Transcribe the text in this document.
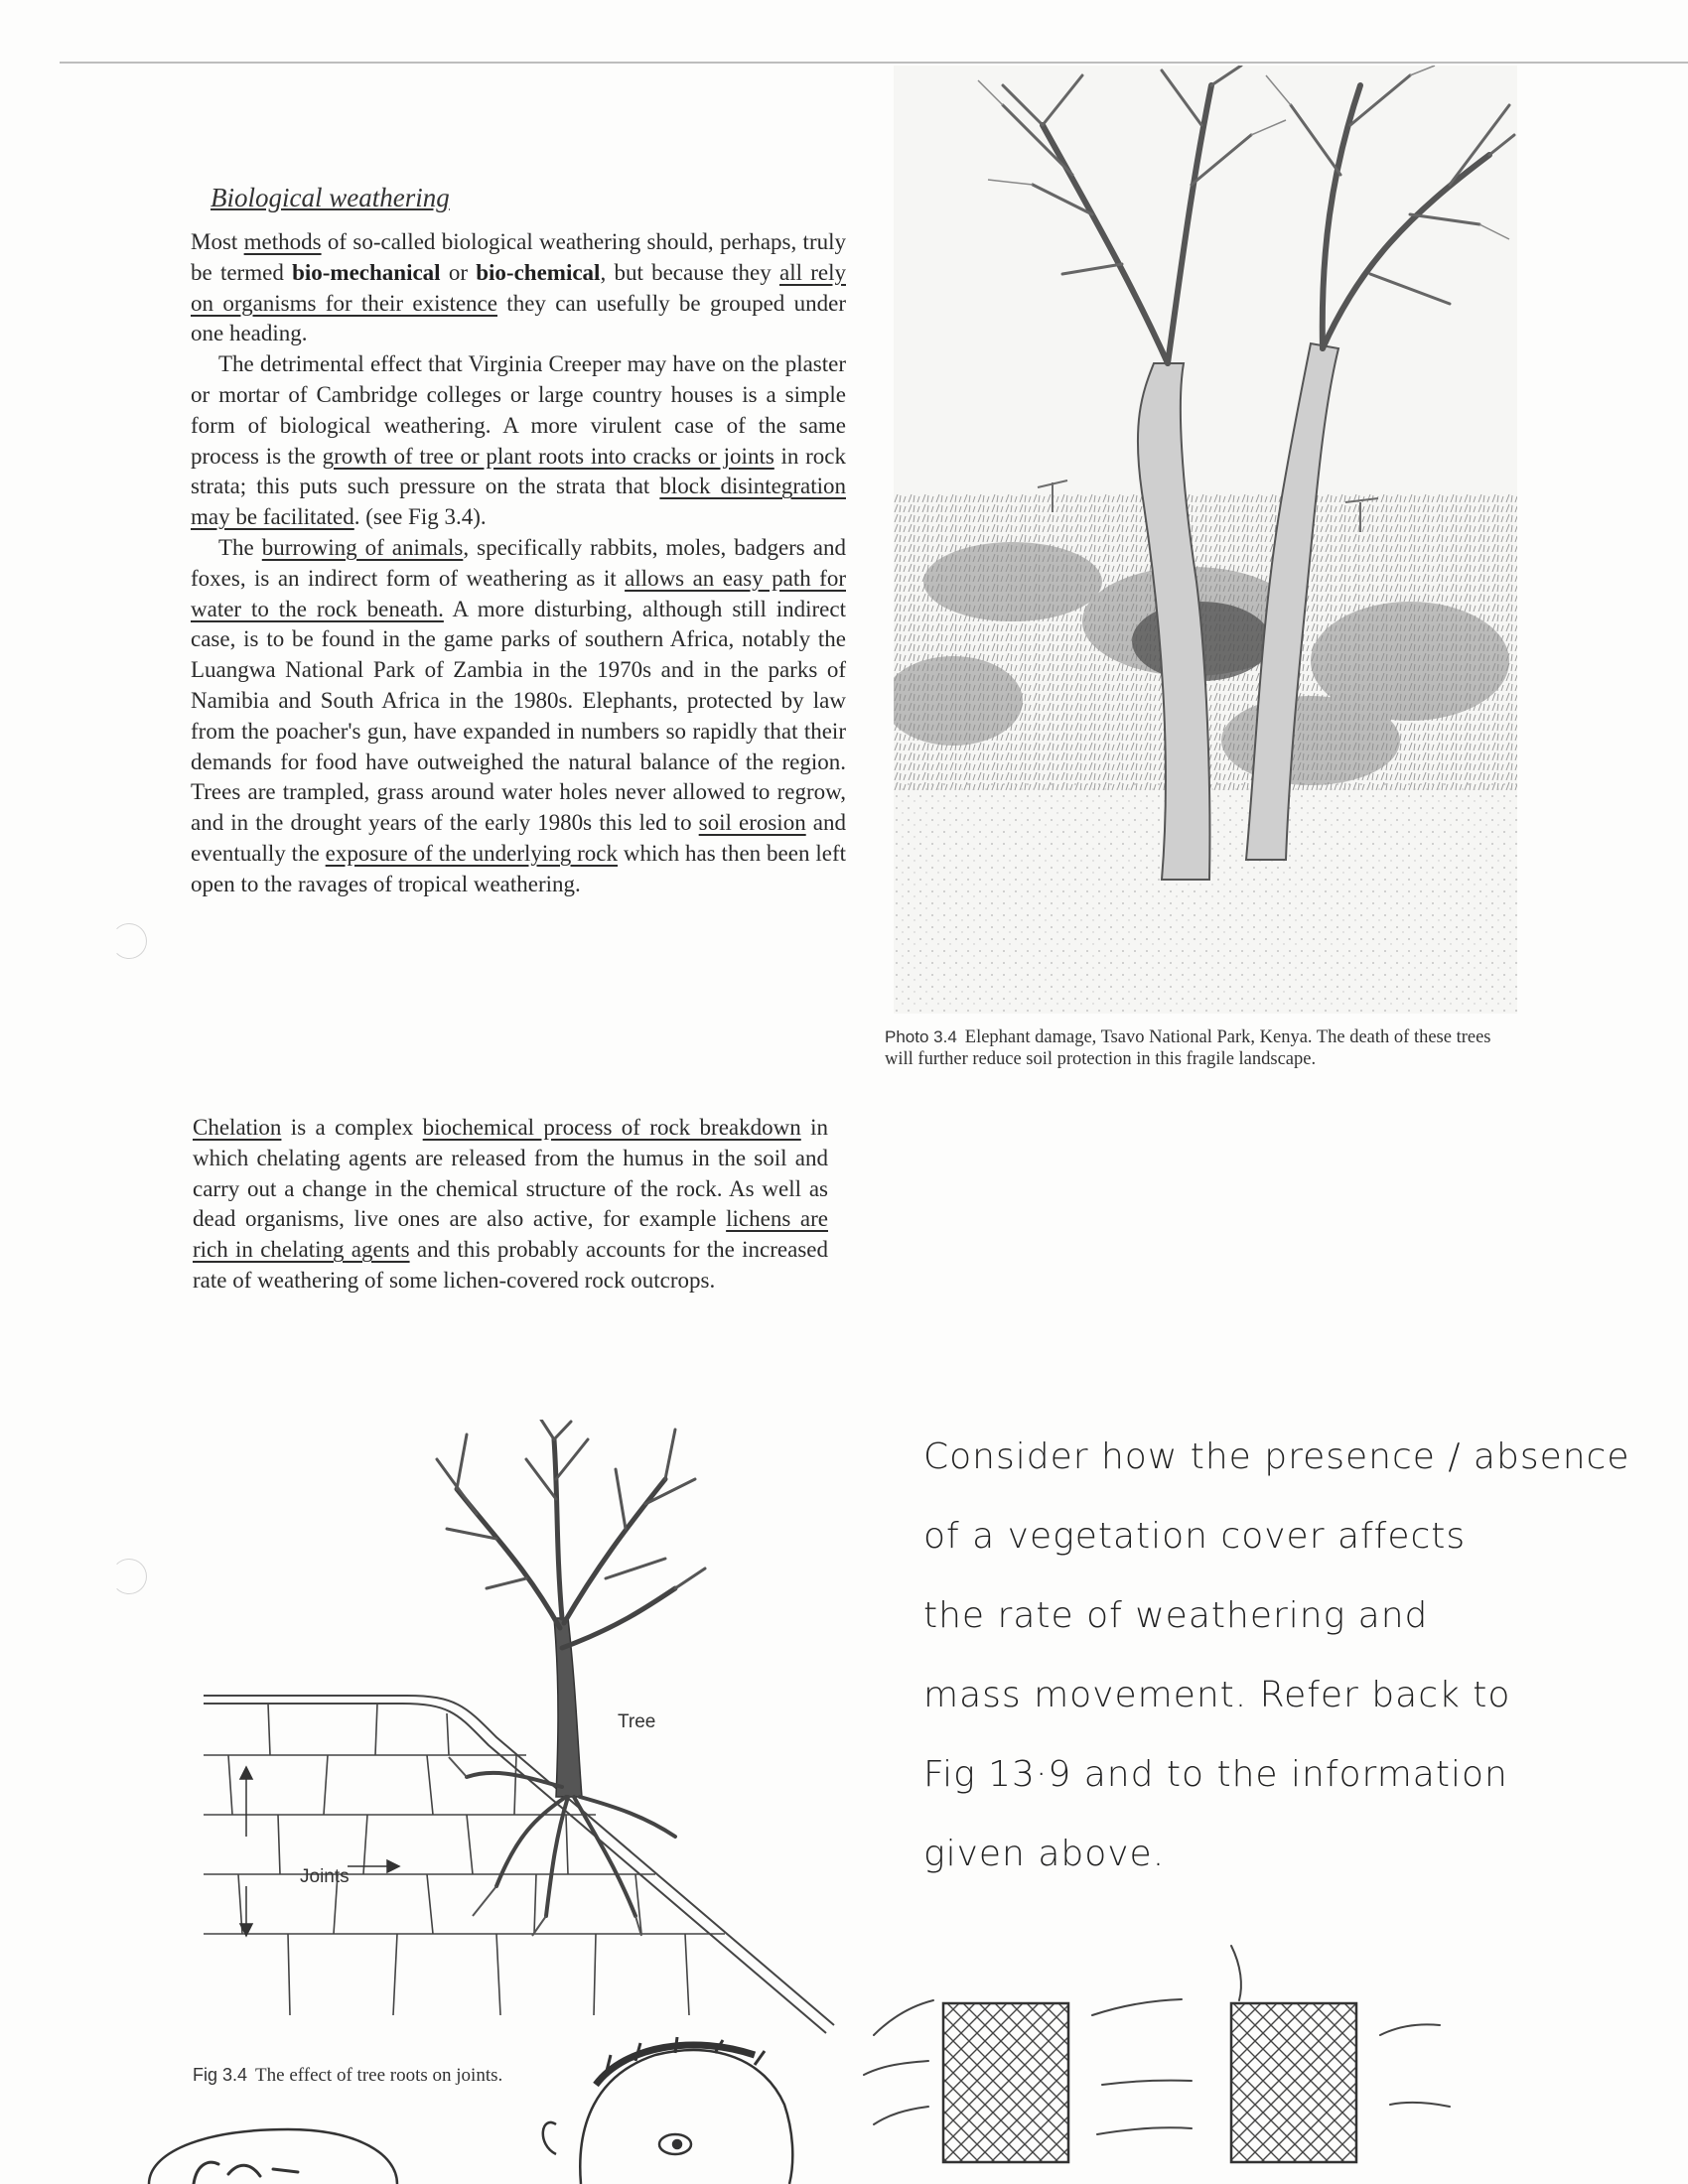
Biological weathering

Most methods of so-called biological weathering should, perhaps, truly be termed bio-mechanical or bio-chemical, but because they all rely on organisms for their existence they can usefully be grouped under one heading.

The detrimental effect that Virginia Creeper may have on the plaster or mortar of Cambridge colleges or large country houses is a simple form of biological weathering. A more virulent case of the same process is the growth of tree or plant roots into cracks or joints in rock strata; this puts such pressure on the strata that block disintegration may be facilitated. (see Fig 3.4).

The burrowing of animals, specifically rabbits, moles, badgers and foxes, is an indirect form of weathering as it allows an easy path for water to the rock beneath. A more disturbing, although still indirect case, is to be found in the game parks of southern Africa, notably the Luangwa National Park of Zambia in the 1970s and in the parks of Namibia and South Africa in the 1980s. Elephants, protected by law from the poacher's gun, have expanded in numbers so rapidly that their demands for food have outweighed the natural balance of the region. Trees are trampled, grass around water holes never allowed to regrow, and in the drought years of the early 1980s this led to soil erosion and eventually the exposure of the underlying rock which has then been left open to the ravages of tropical weathering.

Chelation is a complex biochemical process of rock breakdown in which chelating agents are released from the humus in the soil and carry out a change in the chemical structure of the rock. As well as dead organisms, live ones are also active, for example lichens are rich in chelating agents and this probably accounts for the increased rate of weathering of some lichen-covered rock outcrops.

Photo 3.4 Elephant damage, Tsavo National Park, Kenya. The death of these trees will further reduce soil protection in this fragile landscape.
Tree
Joints
Fig 3.4 The effect of tree roots on joints.
Consider how the presence / absence
of a vegetation cover affects
the rate of weathering and
mass movement. Refer back to
Fig 13·9 and to the information
given above.
